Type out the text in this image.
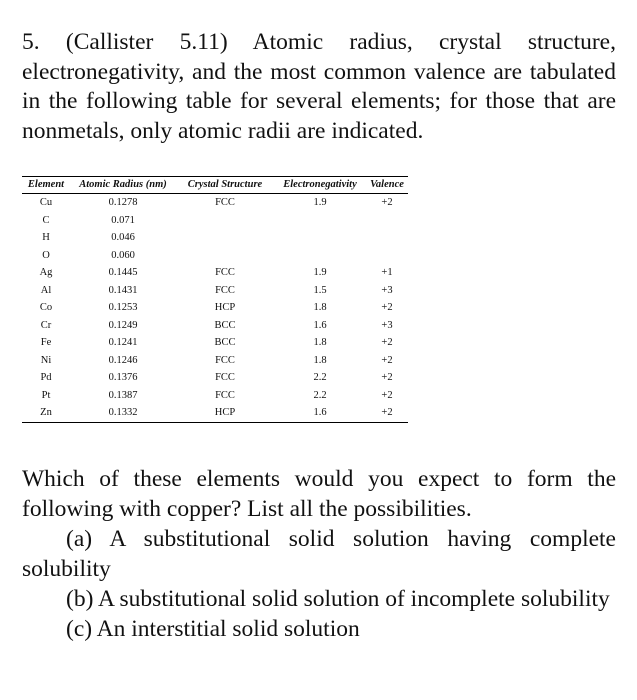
5. (Callister 5.11) Atomic radius, crystal structure, electronegativity, and the most common valence are tabulated in the following table for several elements; for those that are nonmetals, only atomic radii are indicated.

Element	Atomic Radius (nm)	Crystal Structure	Electronegativity	Valence
Cu	0.1278	FCC	1.9	+2
C	0.071			
H	0.046			
O	0.060			
Ag	0.1445	FCC	1.9	+1
Al	0.1431	FCC	1.5	+3
Co	0.1253	HCP	1.8	+2
Cr	0.1249	BCC	1.6	+3
Fe	0.1241	BCC	1.8	+2
Ni	0.1246	FCC	1.8	+2
Pd	0.1376	FCC	2.2	+2
Pt	0.1387	FCC	2.2	+2
Zn	0.1332	HCP	1.6	+2

Which of these elements would you expect to form the following with copper? List all the possibilities.

(a) A substitutional solid solution having complete solubility

(b) A substitutional solid solution of incomplete solubility

(c) An interstitial solid solution
